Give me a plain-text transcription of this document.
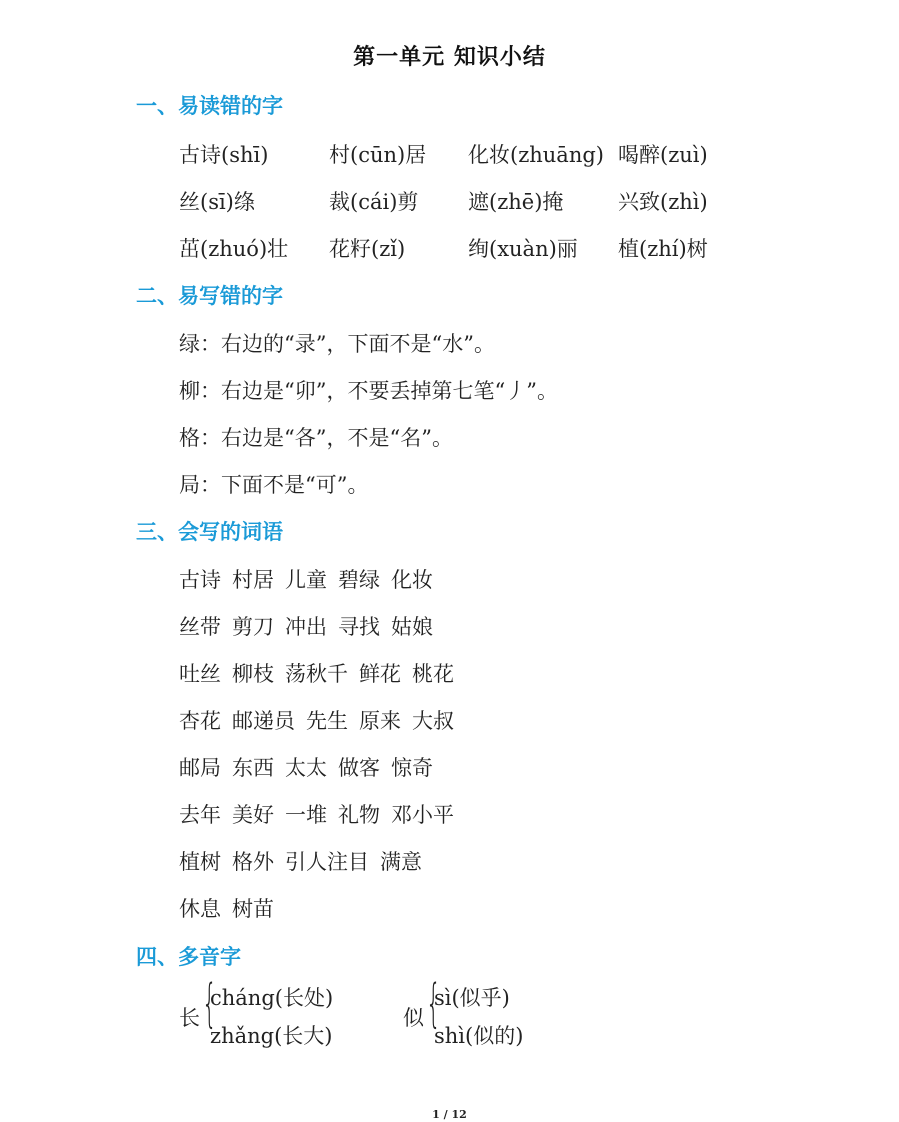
第一单元 知识小结
一、易读错的字
古诗(shī)	村(cūn)居 化妆(zhuāng) 喝醉(zuì)
丝(sī)绦	裁(cái)剪 遮(zhē)掩	兴致(zhì)
茁(zhuó)壮 花籽(zǐ)	绚(xuàn)丽 植(zhí)树
二、易写错的字
绿：右边的“录”，下面不是“水”。
柳：右边是“卯”，不要丢掉第七笔“丿”。
格：右边是“各”，不是“名”。
局：下面不是“可”。
三、会写的词语
古诗 村居 儿童 碧绿 化妆
丝带 剪刀 冲出 寻找 姑娘
吐丝 柳枝 荡秋千 鲜花 桃花
杏花 邮递员 先生 原来 大叔
邮局 东西 太太 做客 惊奇
去年 美好 一堆 礼物 邓小平
植树 格外 引人注目 满意
休息 树苗
四、多音字
长 {
cháng(长处)
zhǎng(长大)
似 {
sì(似乎)
shì(似的)
1 / 12
